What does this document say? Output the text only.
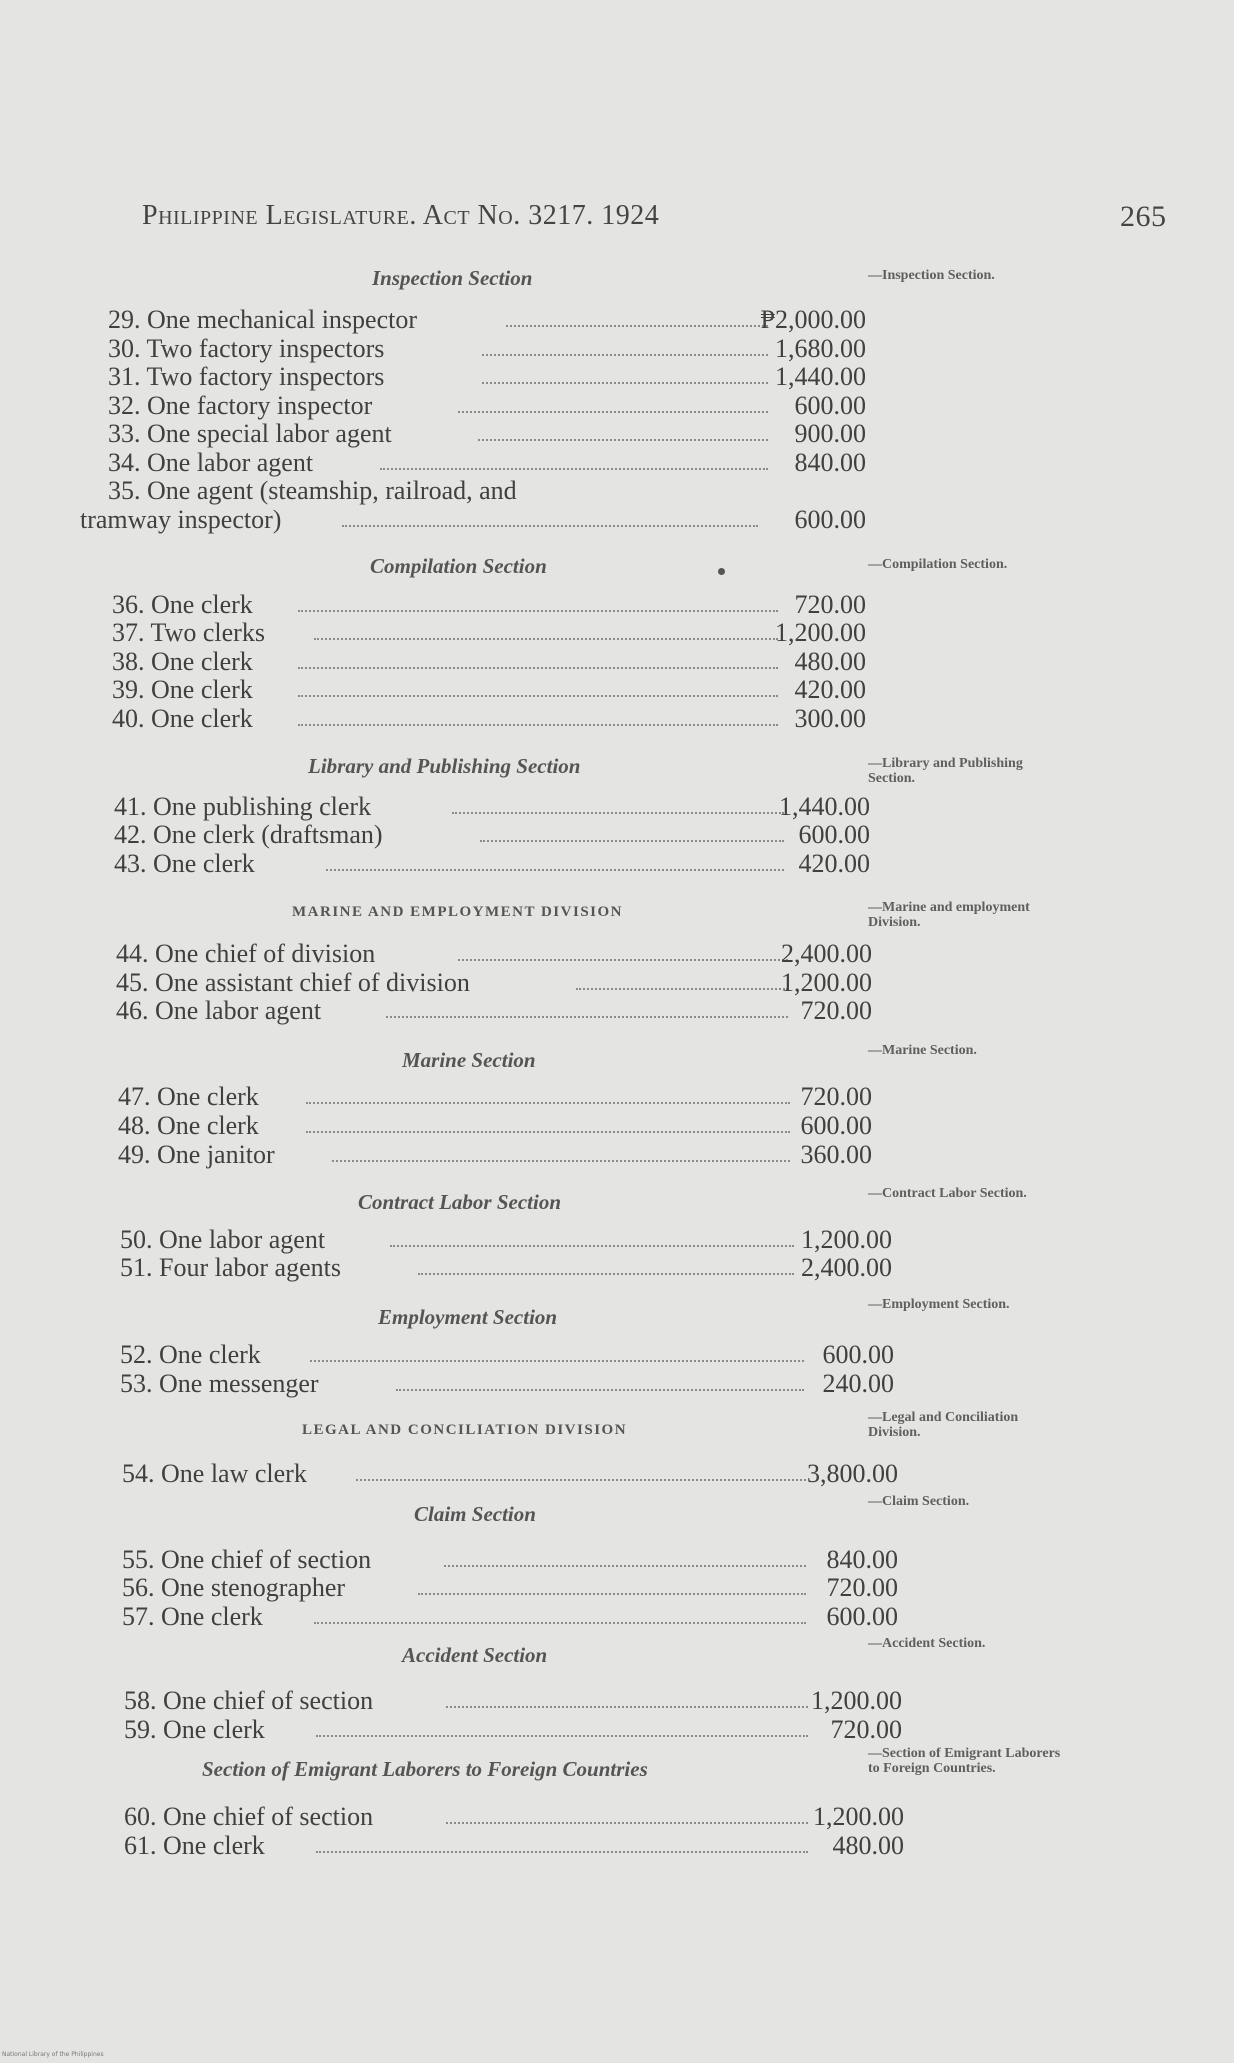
Philippine Legislature. Act No. 3217. 1924	265
Inspection Section
Compilation Section
Library and Publishing Section
MARINE AND EMPLOYMENT DIVISION
Marine Section
Contract Labor Section
Employment Section
LEGAL AND CONCILIATION DIVISION
Claim Section
Accident Section
Section of Emigrant Laborers to Foreign Countries
29. One mechanical inspector	₱2,000.00
30. Two factory inspectors	1,680.00
31. Two factory inspectors	1,440.00
32. One factory inspector	600.00
33. One special labor agent	900.00
34. One labor agent	840.00
35. One agent (steamship, railroad, and
tramway inspector)	600.00
36. One clerk	720.00
37. Two clerks	1,200.00
38. One clerk	480.00
39. One clerk	420.00
40. One clerk	300.00
41. One publishing clerk	1,440.00
42. One clerk (draftsman)	600.00
43. One clerk	420.00
44. One chief of division	2,400.00
45. One assistant chief of division	1,200.00
46. One labor agent	720.00
47. One clerk	720.00
48. One clerk	600.00
49. One janitor	360.00
50. One labor agent	1,200.00
51. Four labor agents	2,400.00
52. One clerk	600.00
53. One messenger	240.00
54. One law clerk	3,800.00
55. One chief of section	840.00
56. One stenographer	720.00
57. One clerk	600.00
58. One chief of section	1,200.00
59. One clerk	720.00
60. One chief of section	1,200.00
61. One clerk	480.00
—Inspection Section.
—Compilation Section.
—Library and Publishing Section.
—Marine and employment Division.
—Marine Section.
—Contract Labor Section.
—Employment Section.
—Legal and Conciliation Division.
—Claim Section.
—Accident Section.
—Section of Emigrant Laborers to Foreign Countries.
National Library of the Philippines
